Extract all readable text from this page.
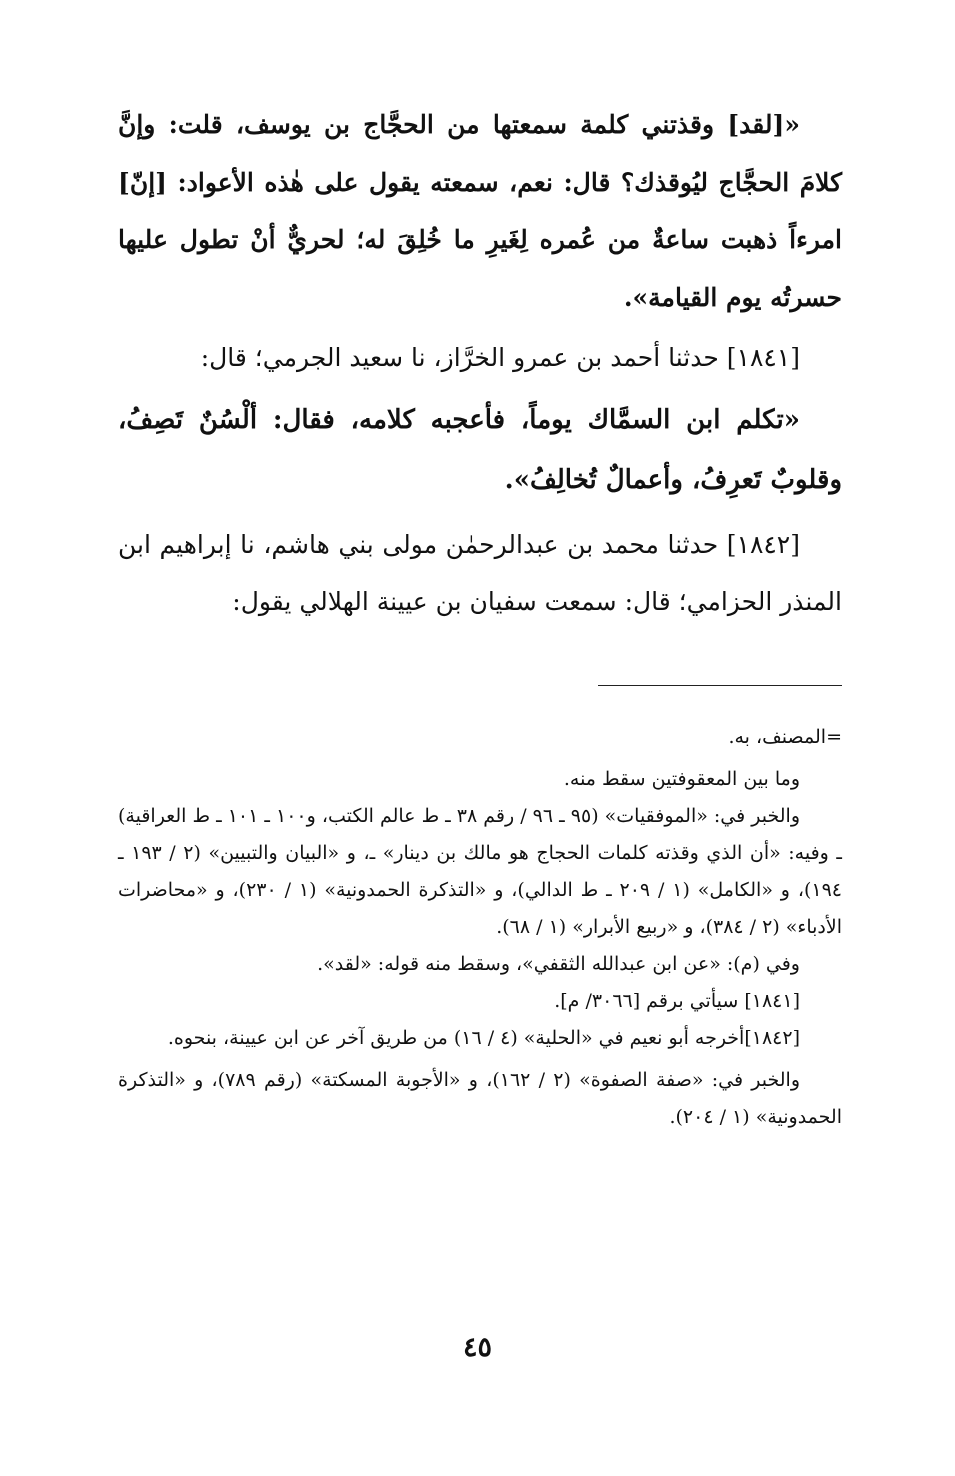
«[لقد] وقذتني كلمة سمعتها من الحجَّاج بن يوسف، قلت: وإنَّ كلامَ الحجَّاج ليُوقذك؟ قال: نعم، سمعته يقول على هٰذه الأعواد: [إنّ] امرءاً ذهبت ساعةٌ من عُمره لِغَيرِ ما خُلِقَ له؛ لحريٌّ أنْ تطول عليها حسرتُه يوم القيامة».

[١٨٤١] حدثنا أحمد بن عمرو الخرَّاز، نا سعيد الجرمي؛ قال:

«تكلم ابن السمَّاك يوماً، فأعجبه كلامه، فقال: ألْسُنٌ تَصِفُ، وقلوبٌ تَعرِفُ، وأعمالٌ تُخالِفُ».

[١٨٤٢] حدثنا محمد بن عبدالرحمٰن مولى بني هاشم، نا إبراهيم ابن المنذر الحزامي؛ قال: سمعت سفيان بن عيينة الهلالي يقول:

=المصنف، به.

وما بين المعقوفتين سقط منه.

والخبر في: «الموفقيات» (٩٥ ـ ٩٦ / رقم ٣٨ ـ ط عالم الكتب، و١٠٠ ـ ١٠١ ـ ط العراقية) ـ وفيه: «أن الذي وقذته كلمات الحجاج هو مالك بن دينار» ـ، و «البيان والتبيين» (٢ / ١٩٣ ـ ١٩٤)، و «الكامل» (١ / ٢٠٩ ـ ط الدالي)، و «التذكرة الحمدونية» (١ / ٢٣٠)، و «محاضرات الأدباء» (٢ / ٣٨٤)، و «ربيع الأبرار» (١ / ٦٨).

وفي (م): «عن ابن عبدالله الثقفي»، وسقط منه قوله: «لقد».

[١٨٤١] سيأتي برقم [٣٠٦٦/ م].

[١٨٤٢]أخرجه أبو نعيم في «الحلية» (٤ / ١٦) من طريق آخر عن ابن عيينة، بنحوه.

والخبر في: «صفة الصفوة» (٢ / ١٦٢)، و «الأجوبة المسكتة» (رقم ٧٨٩)، و «التذكرة الحمدونية» (١ / ٢٠٤).

٤٥
